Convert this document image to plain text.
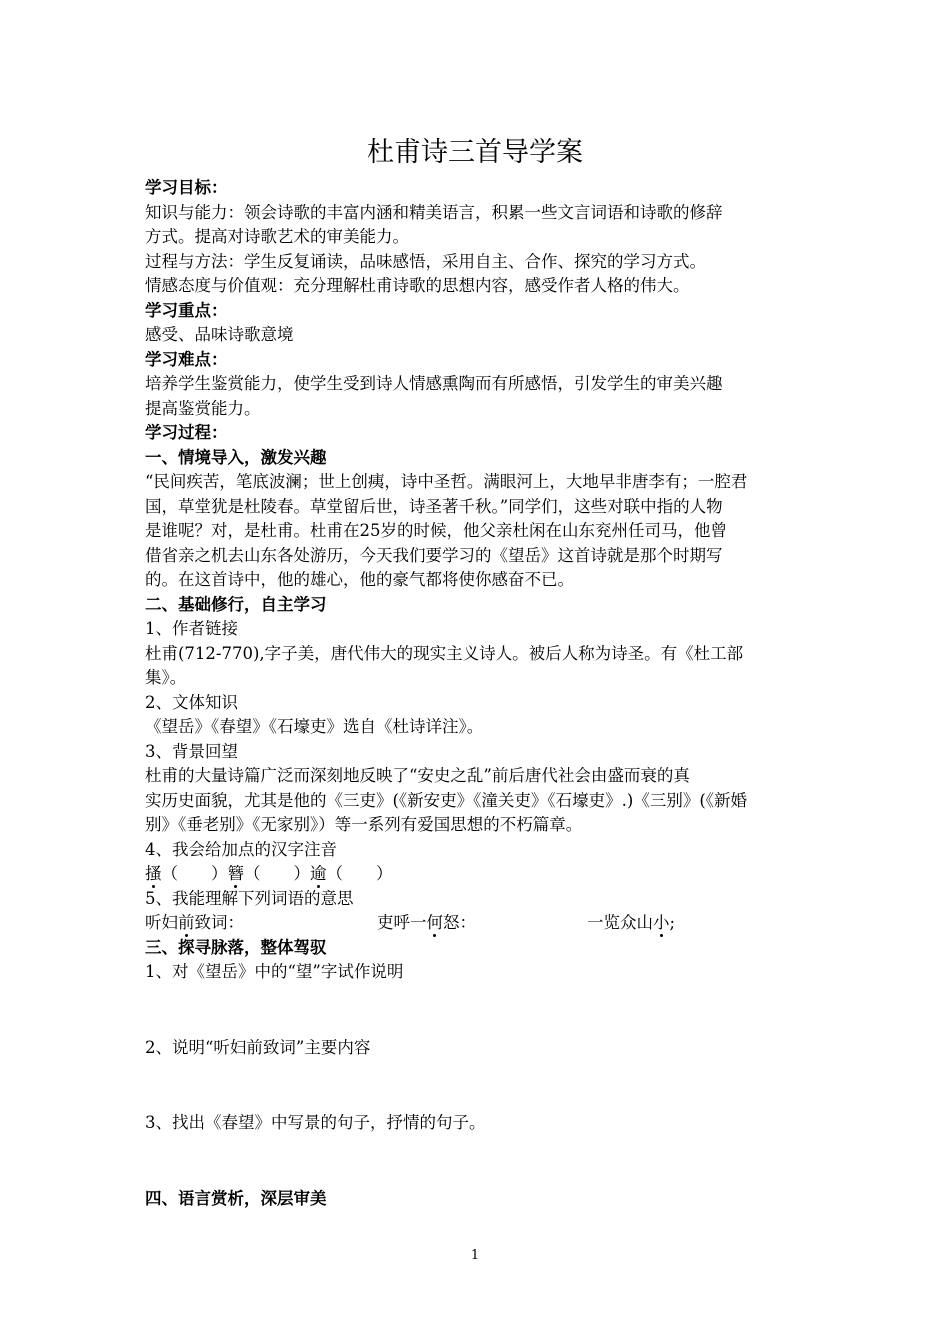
杜甫诗三首导学案

学习目标：

知识与能力：领会诗歌的丰富内涵和精美语言，积累一些文言词语和诗歌的修辞

方式。提高对诗歌艺术的审美能力。

过程与方法：学生反复诵读，品味感悟，采用自主、合作、探究的学习方式。

情感态度与价值观：充分理解杜甫诗歌的思想内容，感受作者人格的伟大。

学习重点：

感受、品味诗歌意境

学习难点：

培养学生鉴赏能力，使学生受到诗人情感熏陶而有所感悟，引发学生的审美兴趣

提高鉴赏能力。

学习过程：

一、情境导入，激发兴趣

“民间疾苦，笔底波澜；世上创痍，诗中圣哲。满眼河上，大地早非唐李有；一腔君

国，草堂犹是杜陵春。草堂留后世，诗圣著千秋。”同学们，这些对联中指的人物

是谁呢？对，是杜甫。杜甫在25岁的时候，他父亲杜闲在山东兖州任司马，他曾

借省亲之机去山东各处游历，今天我们要学习的《望岳》这首诗就是那个时期写

的。在这首诗中，他的雄心，他的豪气都将使你感奋不已。

二、基础修行，自主学习

1、作者链接

杜甫(712-770),字子美，唐代伟大的现实主义诗人。被后人称为诗圣。有《杜工部

集》。

2、文体知识

《望岳》《春望》《石壕吏》选自《杜诗详注》。

3、背景回望

杜甫的大量诗篇广泛而深刻地反映了“安史之乱”前后唐代社会由盛而衰的真

实历史面貌，尤其是他的《三吏》(《新安吏》《潼关吏》《石壕吏》.)《三别》(《新婚

别》《垂老别》《无家别》）等一系列有爱国思想的不朽篇章。

4、我会给加点的汉字注音

搔（　　）簪（　　）逾（　　）

5、我能理解下列词语的意思

听妇前致词：	吏呼一何怒：	一览众山小;

三、探寻脉落，整体驾驭

1、对《望岳》中的“望”字试作说明

2、说明“听妇前致词”主要内容

3、找出《春望》中写景的句子，抒情的句子。

四、语言赏析，深层审美

1
